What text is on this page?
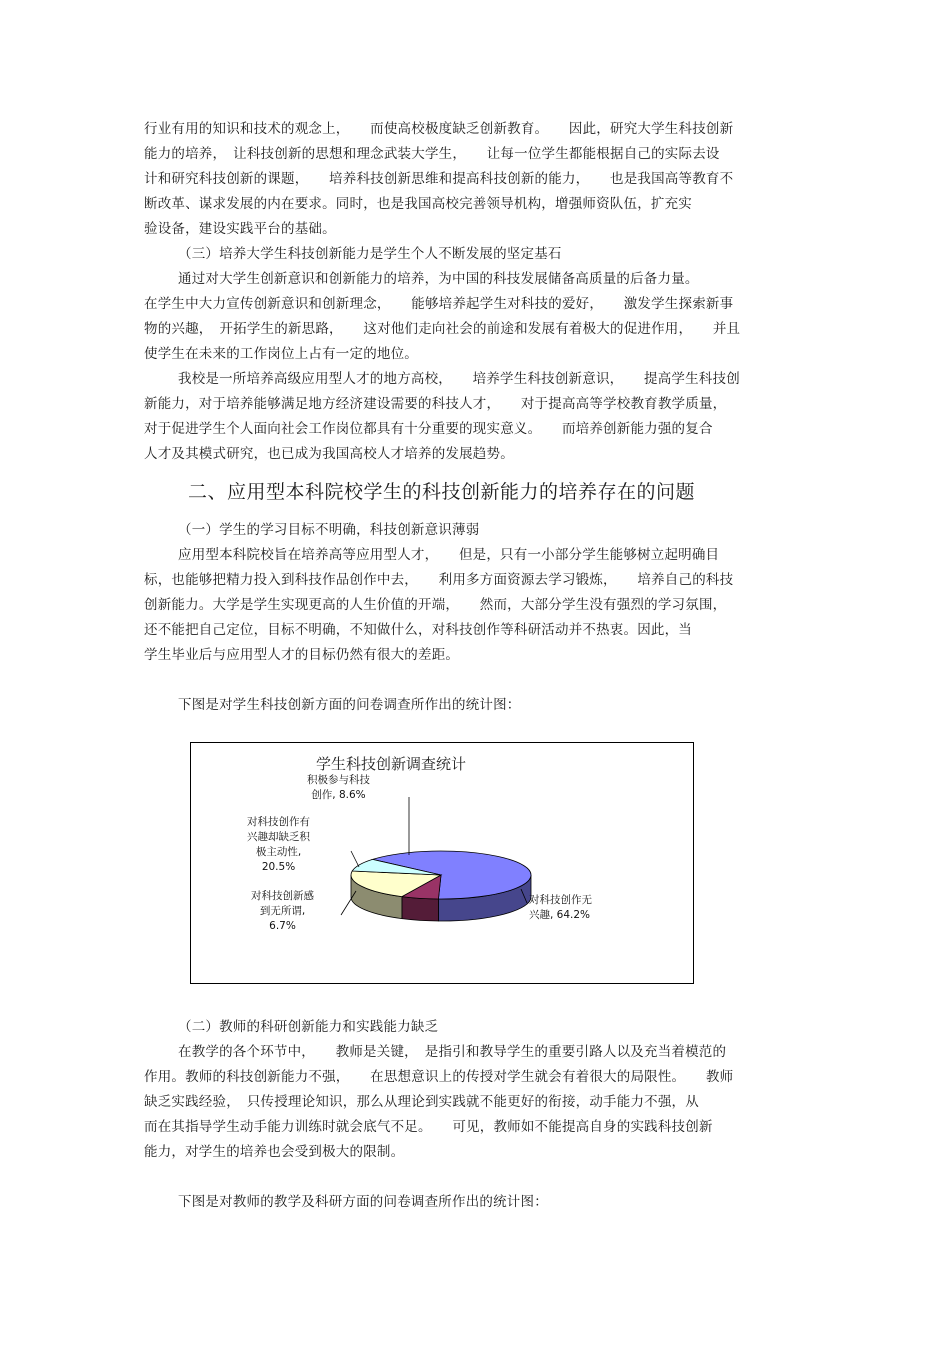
行业有用的知识和技术的观念上，　　而使高校极度缺乏创新教育。　　因此，研究大学生科技创新
能力的培养，　让科技创新的思想和理念武装大学生，　　让每一位学生都能根据自己的实际去设
计和研究科技创新的课题，　　培养科技创新思维和提高科技创新的能力，　　也是我国高等教育不
断改革、谋求发展的内在要求。同时，也是我国高校完善领导机构，增强师资队伍，扩充实
验设备，建设实践平台的基础。
（三）培养大学生科技创新能力是学生个人不断发展的坚定基石
通过对大学生创新意识和创新能力的培养，为中国的科技发展储备高质量的后备力量。
在学生中大力宣传创新意识和创新理念，　　能够培养起学生对科技的爱好，　　激发学生探索新事
物的兴趣，　开拓学生的新思路，　　这对他们走向社会的前途和发展有着极大的促进作用，　　并且
使学生在未来的工作岗位上占有一定的地位。
我校是一所培养高级应用型人才的地方高校，　　培养学生科技创新意识，　　提高学生科技创
新能力，对于培养能够满足地方经济建设需要的科技人才，　　对于提高高等学校教育教学质量，
对于促进学生个人面向社会工作岗位都具有十分重要的现实意义。　　而培养创新能力强的复合
人才及其模式研究，也已成为我国高校人才培养的发展趋势。
二、应用型本科院校学生的科技创新能力的培养存在的问题
（一）学生的学习目标不明确，科技创新意识薄弱
应用型本科院校旨在培养高等应用型人才，　　但是，只有一小部分学生能够树立起明确目
标，也能够把精力投入到科技作品创作中去，　　利用多方面资源去学习锻炼，　　培养自己的科技
创新能力。大学是学生实现更高的人生价值的开端，　　然而，大部分学生没有强烈的学习氛围，
还不能把自己定位，目标不明确，不知做什么，对科技创作等科研活动并不热衷。因此，当
学生毕业后与应用型人才的目标仍然有很大的差距。
下图是对学生科技创新方面的问卷调查所作出的统计图：
学生科技创新调查统计
积极参与科技
创作, 8.6%
对科技创作有
兴趣却缺乏积
极主动性,
20.5%
对科技创新感
到无所谓,
6.7%
对科技创作无
兴趣, 64.2%
（二）教师的科研创新能力和实践能力缺乏
在教学的各个环节中，　　教师是关键，　是指引和教导学生的重要引路人以及充当着模范的
作用。教师的科技创新能力不强，　　在思想意识上的传授对学生就会有着很大的局限性。　　教师
缺乏实践经验，　只传授理论知识，那么从理论到实践就不能更好的衔接，动手能力不强，从
而在其指导学生动手能力训练时就会底气不足。　　可见，教师如不能提高自身的实践科技创新
能力，对学生的培养也会受到极大的限制。
下图是对教师的教学及科研方面的问卷调查所作出的统计图：
